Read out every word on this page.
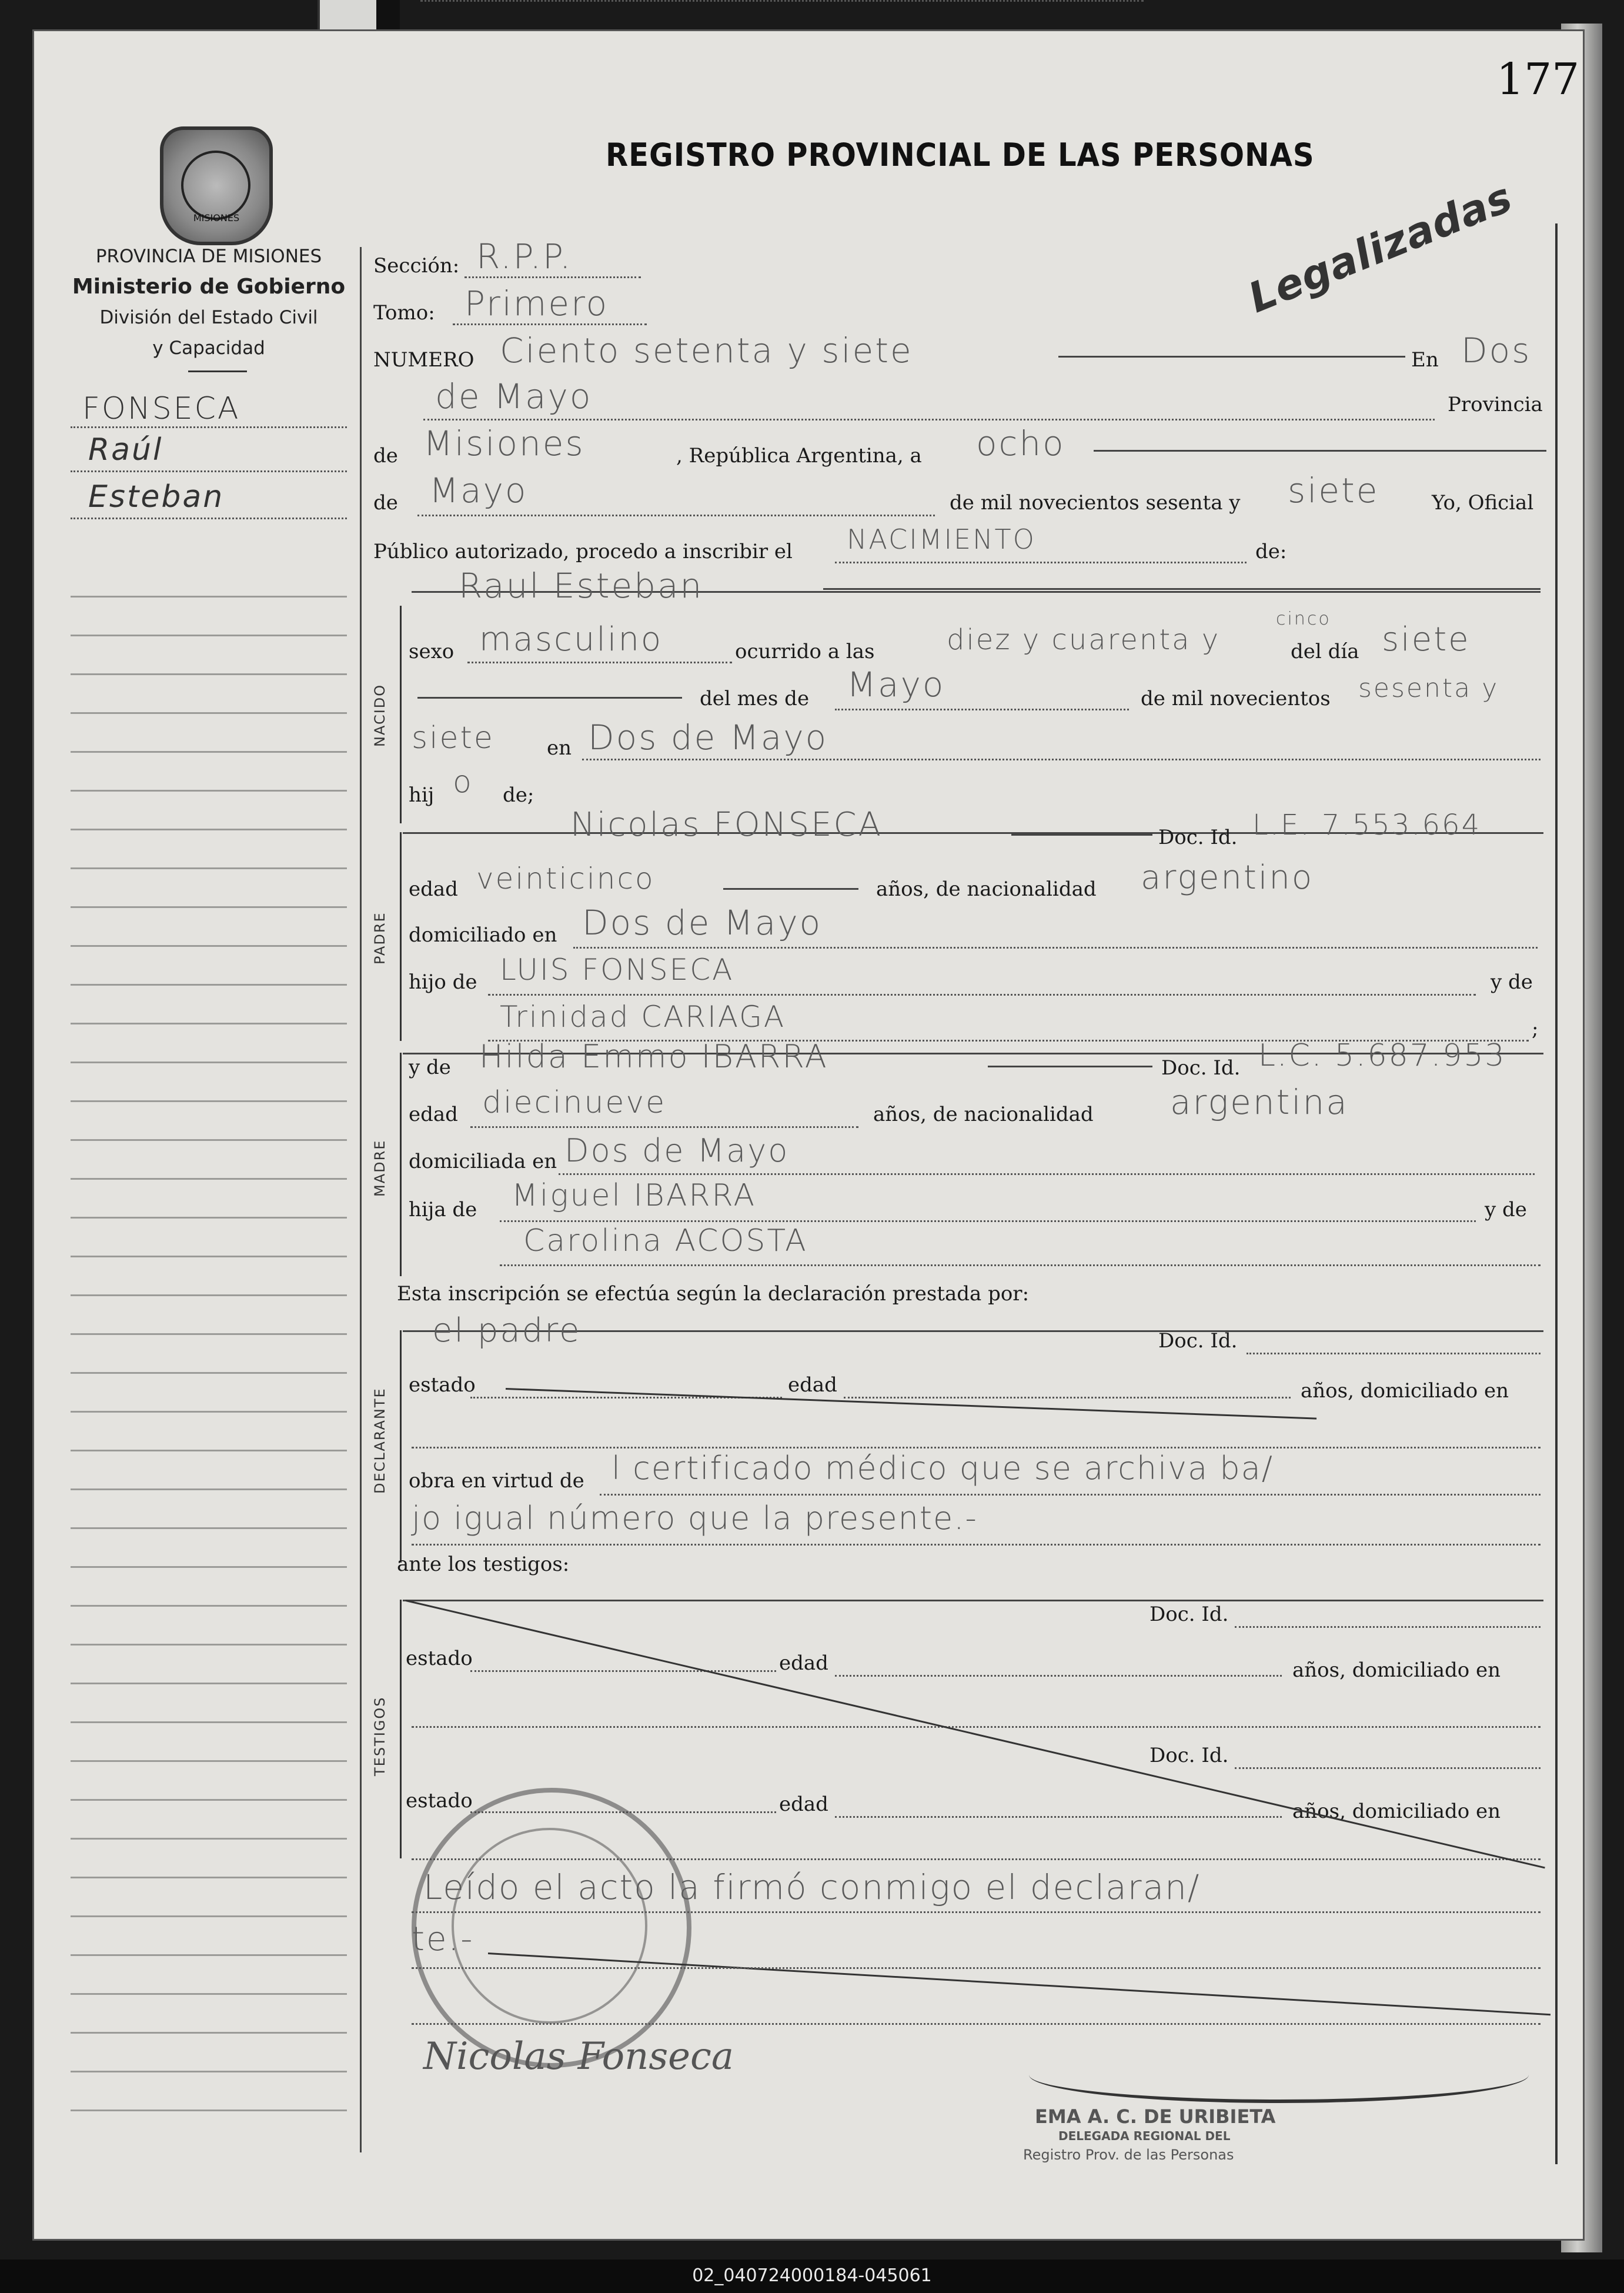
177
REGISTRO PROVINCIAL DE LAS PERSONAS
Legalizadas
MISIONES
PROVINCIA DE MISIONES
Ministerio de Gobierno
División del Estado Civil
y Capacidad
FONSECA
Raúl
Esteban
Sección: R.P.P.
Tomo: Primero
NUMERO Ciento setenta y siete	En Dos
de Mayo	Provincia
de Misiones	, República Argentina, a ocho
de Mayo	de mil novecientos sesenta y siete	Yo, Oficial
Público autorizado, procedo a inscribir el NACIMIENTO	de:
Raul Esteban
NACIDO
sexo masculino	ocurrido a las	diez y cuarenta y
cinco
del día siete
del mes de Mayo	de mil novecientos sesenta y
siete	en Dos de Mayo
hij o de;
PADRE
Nicolas FONSECA	Doc. Id. L.E. 7.553.664
edad veinticinco	años, de nacionalidad argentino
domiciliado en Dos de Mayo
hijo de LUIS FONSECA	y de
Trinidad CARIAGA	;
MADRE
y de Hilda Emmo IBARRA	Doc. Id. L.C. 5.687.953
edad diecinueve	años, de nacionalidad argentina
domiciliada en Dos de Mayo
hija de Miguel IBARRA	y de
Carolina ACOSTA
Esta inscripción se efectúa según la declaración prestada por:
DECLARANTE
el padre	Doc. Id.
estado	edad	años, domiciliado en
obra en virtud de l certificado médico que se archiva ba/
jo igual número que la presente.-
ante los testigos:
TESTIGOS
Doc. Id.
estado	edad	años, domiciliado en
Doc. Id.
estado	edad	años, domiciliado en
Leído el acto la firmó conmigo el declaran/
te.-
Nicolas Fonseca
EMA A. C. DE URIBIETA
DELEGADA REGIONAL DEL
Registro Prov. de las Personas
02_040724000184-045061
